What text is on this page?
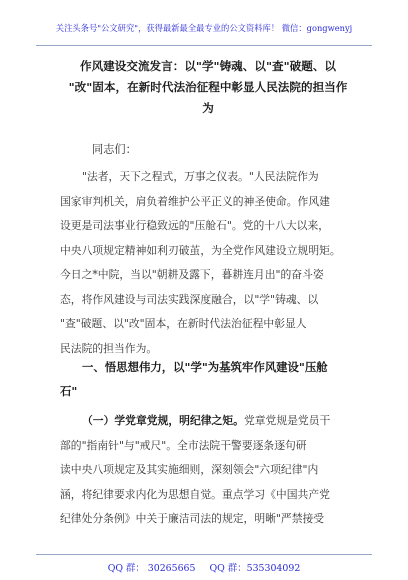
关注头条号"公文研究"，获得最新最全最专业的公文资料库！ 微信：gongwenyj
作风建设交流发言：以"学"铸魂、以"查"破题、以
"改"固本，在新时代法治征程中彰显人民法院的担当作
为
同志们：
"法者，天下之程式，万事之仪表。"人民法院作为
国家审判机关，肩负着维护公平正义的神圣使命。作风建
设更是司法事业行稳致远的"压舱石"。党的十八大以来，
中央八项规定精神如利刃破茧，为全党作风建设立规明矩。
今日之*中院，当以"朝耕及露下，暮耕连月出"的奋斗姿
态，将作风建设与司法实践深度融合，以"学"铸魂、以
"查"破题、以"改"固本，在新时代法治征程中彰显人
民法院的担当作为。
一、悟思想伟力，以"学"为基筑牢作风建设"压舱
石"
（一）学党章党规，明纪律之矩。党章党规是党员干
部的"指南针"与"戒尺"。全市法院干警要逐条逐句研
读中央八项规定及其实施细则，深刻领会"六项纪律"内
涵，将纪律要求内化为思想自觉。重点学习《中国共产党
纪律处分条例》中关于廉洁司法的规定，明晰"严禁接受
QQ 群： 30265665 QQ 群：535304092
